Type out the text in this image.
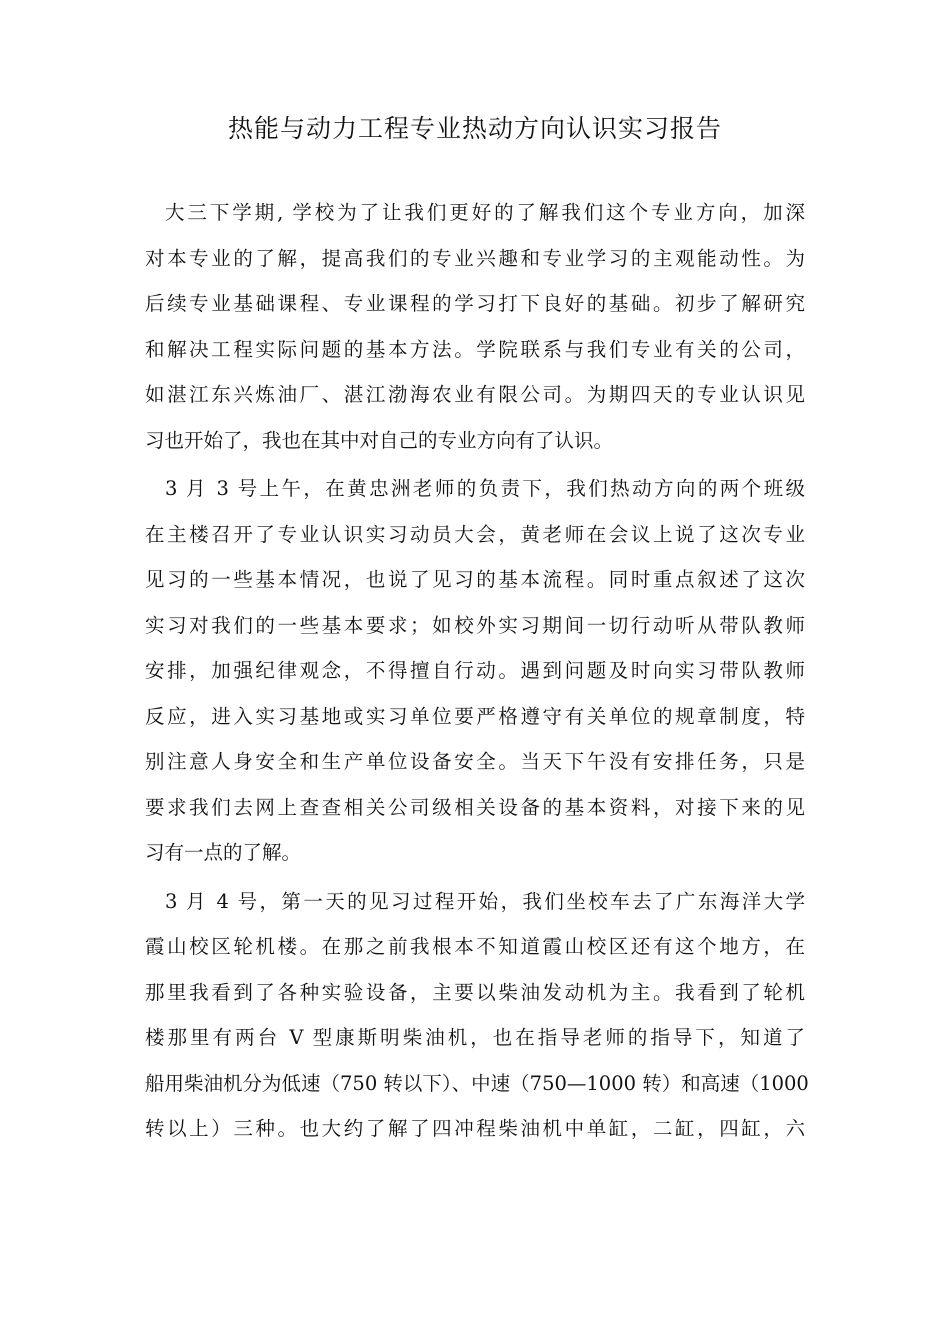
热能与动力工程专业热动方向认识实习报告
大三下学期, 学校为了让我们更好的了解我们这个专业方向，加深
对本专业的了解，提高我们的专业兴趣和专业学习的主观能动性。为
后续专业基础课程、专业课程的学习打下良好的基础。初步了解研究
和解决工程实际问题的基本方法。学院联系与我们专业有关的公司，
如湛江东兴炼油厂、湛江渤海农业有限公司。为期四天的专业认识见
习也开始了，我也在其中对自己的专业方向有了认识。
3 月 3 号上午，在黄忠洲老师的负责下，我们热动方向的两个班级
在主楼召开了专业认识实习动员大会，黄老师在会议上说了这次专业
见习的一些基本情况，也说了见习的基本流程。同时重点叙述了这次
实习对我们的一些基本要求；如校外实习期间一切行动听从带队教师
安排，加强纪律观念，不得擅自行动。遇到问题及时向实习带队教师
反应，进入实习基地或实习单位要严格遵守有关单位的规章制度，特
别注意人身安全和生产单位设备安全。当天下午没有安排任务，只是
要求我们去网上查查相关公司级相关设备的基本资料，对接下来的见
习有一点的了解。
3 月 4 号，第一天的见习过程开始，我们坐校车去了广东海洋大学
霞山校区轮机楼。在那之前我根本不知道霞山校区还有这个地方，在
那里我看到了各种实验设备，主要以柴油发动机为主。我看到了轮机
楼那里有两台 V 型康斯明柴油机，也在指导老师的指导下，知道了
船用柴油机分为低速（750 转以下）、中速（750—1000 转）和高速（1000
转以上）三种。也大约了解了四冲程柴油机中单缸，二缸，四缸，六
